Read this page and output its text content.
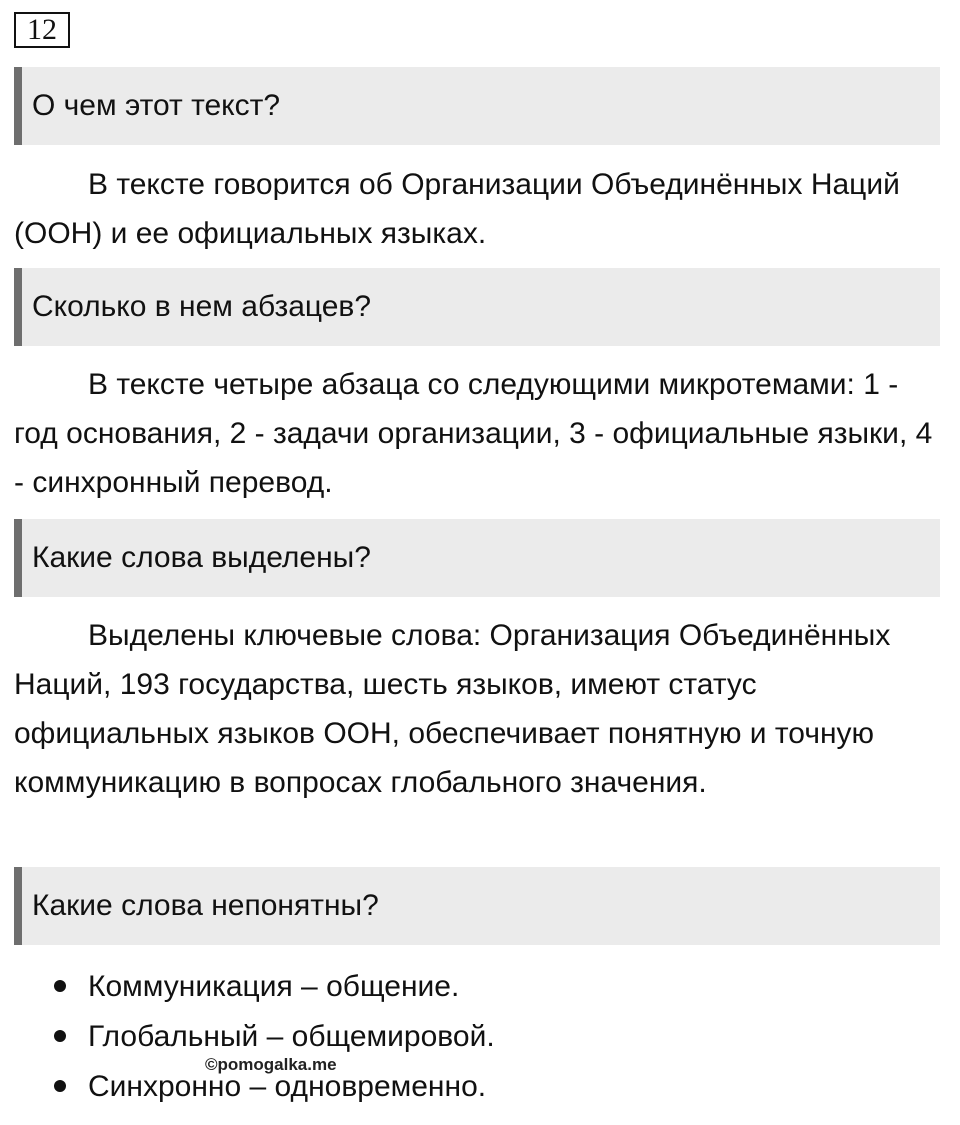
12
О чем этот текст?

В тексте говорится об Организации Объединённых Наций (ООН) и ее официальных языках.

Сколько в нем абзацев?

В тексте четыре абзаца со следующими микротемами: 1 - год основания, 2 - задачи организации, 3 - официальные языки, 4 - синхронный перевод.

Какие слова выделены?

Выделены ключевые слова: Организация Объединённых Наций, 193 государства, шесть языков, имеют статус официальных языков ООН, обеспечивает понятную и точную коммуникацию в вопросах глобального значения.

Какие слова непонятны?
Коммуникация – общение.
Глобальный – общемировой.
Синхронно – одновременно.
©pomogalka.me
